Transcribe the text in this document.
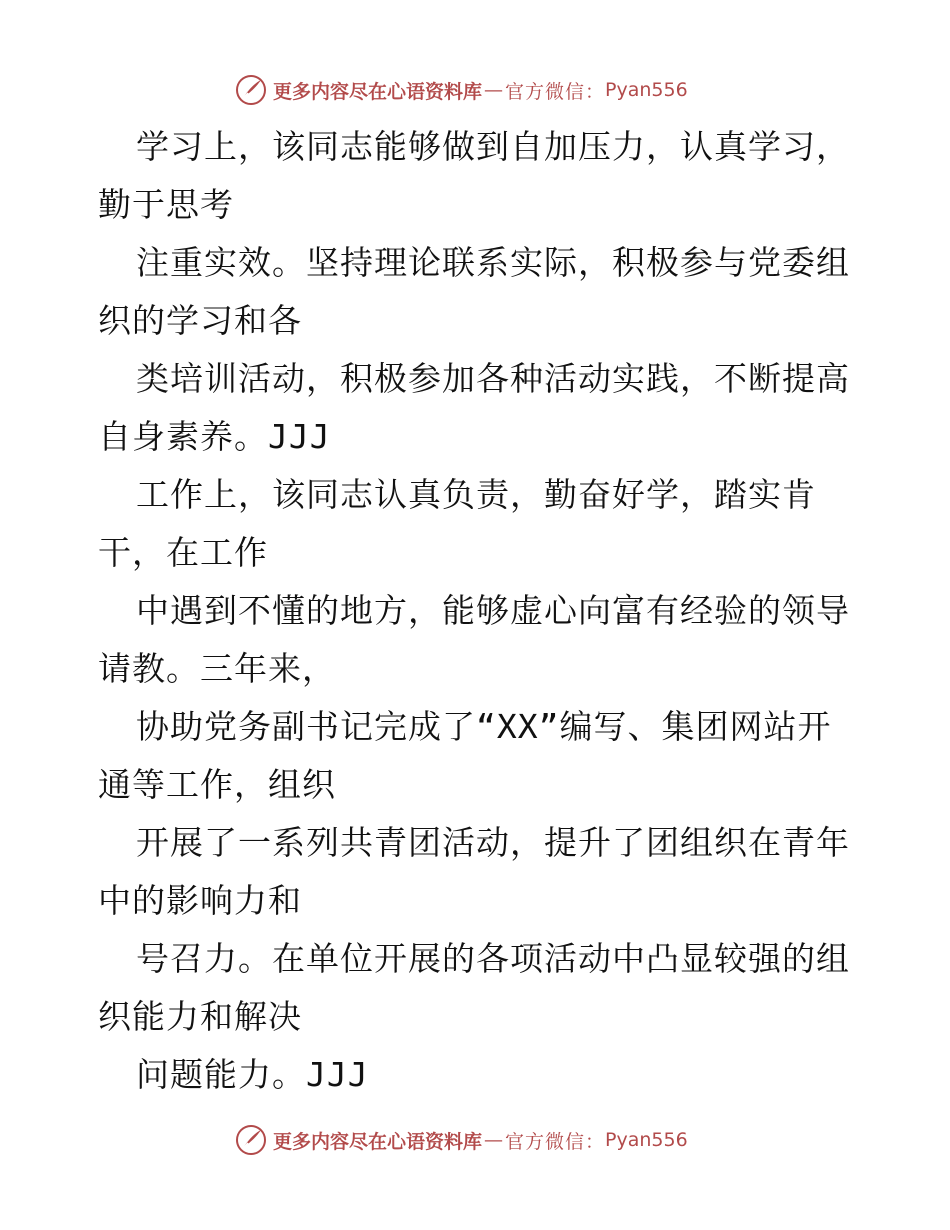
更多内容尽在心语资料库 — 官方微信： Pyan556
学习上，该同志能够做到自加压力，认真学习，
勤于思考
注重实效。坚持理论联系实际，积极参与党委组
织的学习和各
类培训活动，积极参加各种活动实践，不断提高
自身素养。JJJ
工作上，该同志认真负责，勤奋好学，踏实肯
干，在工作
中遇到不懂的地方，能够虚心向富有经验的领导
请教。三年来，
协助党务副书记完成了“XX”编写、集团网站开
通等工作，组织
开展了一系列共青团活动，提升了团组织在青年
中的影响力和
号召力。在单位开展的各项活动中凸显较强的组
织能力和解决
问题能力。JJJ
更多内容尽在心语资料库 — 官方微信： Pyan556
